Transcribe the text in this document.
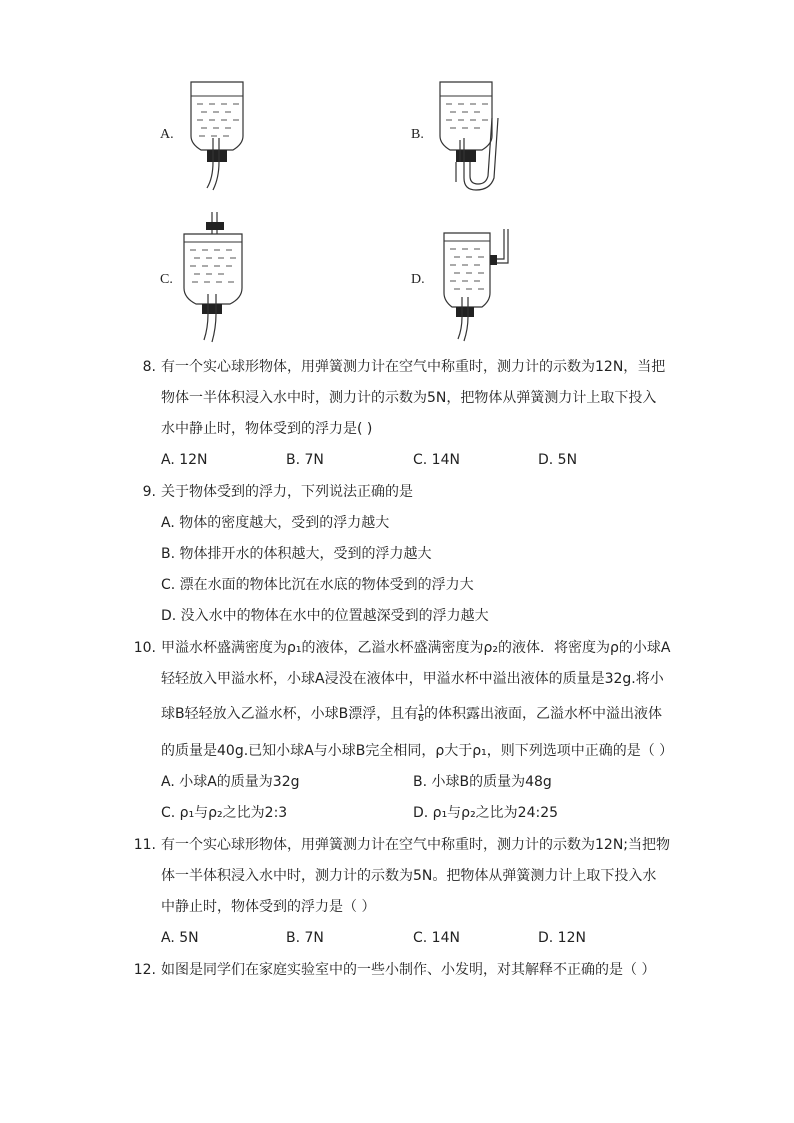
A.	B.
C.	D.
8. 有一个实心球形物体，用弹簧测力计在空气中称重时，测力计的示数为12N，当把
物体一半体积浸入水中时，测力计的示数为5N，把物体从弹簧测力计上取下投入
水中静止时，物体受到的浮力是( )
A. 12N	B. 7N	C. 14N	D. 5N
9. 关于物体受到的浮力，下列说法正确的是
A. 物体的密度越大，受到的浮力越大
B. 物体排开水的体积越大，受到的浮力越大
C. 漂在水面的物体比沉在水底的物体受到的浮力大
D. 没入水中的物体在水中的位置越深受到的浮力越大
10. 甲溢水杯盛满密度为ρ₁的液体，乙溢水杯盛满密度为ρ₂的液体．将密度为ρ的小球A
轻轻放入甲溢水杯，小球A浸没在液体中，甲溢水杯中溢出液体的质量是32g.将小
球B轻轻放入乙溢水杯，小球B漂浮，且有 $\frac{1}{6}$ 的体积露出液面，乙溢水杯中溢出液体
的质量是40g.已知小球A与小球B完全相同，ρ大于ρ₁，则下列选项中正确的是（ ）
A. 小球A的质量为32g	B. 小球B的质量为48g
C. ρ₁与ρ₂之比为2:3	D. ρ₁与ρ₂之比为24:25
11. 有一个实心球形物体，用弹簧测力计在空气中称重时，测力计的示数为12N;当把物
体一半体积浸入水中时，测力计的示数为5N。把物体从弹簧测力计上取下投入水
中静止时，物体受到的浮力是（ ）
A. 5N	B. 7N	C. 14N	D. 12N
12. 如图是同学们在家庭实验室中的一些小制作、小发明，对其解释不正确的是（ ）
